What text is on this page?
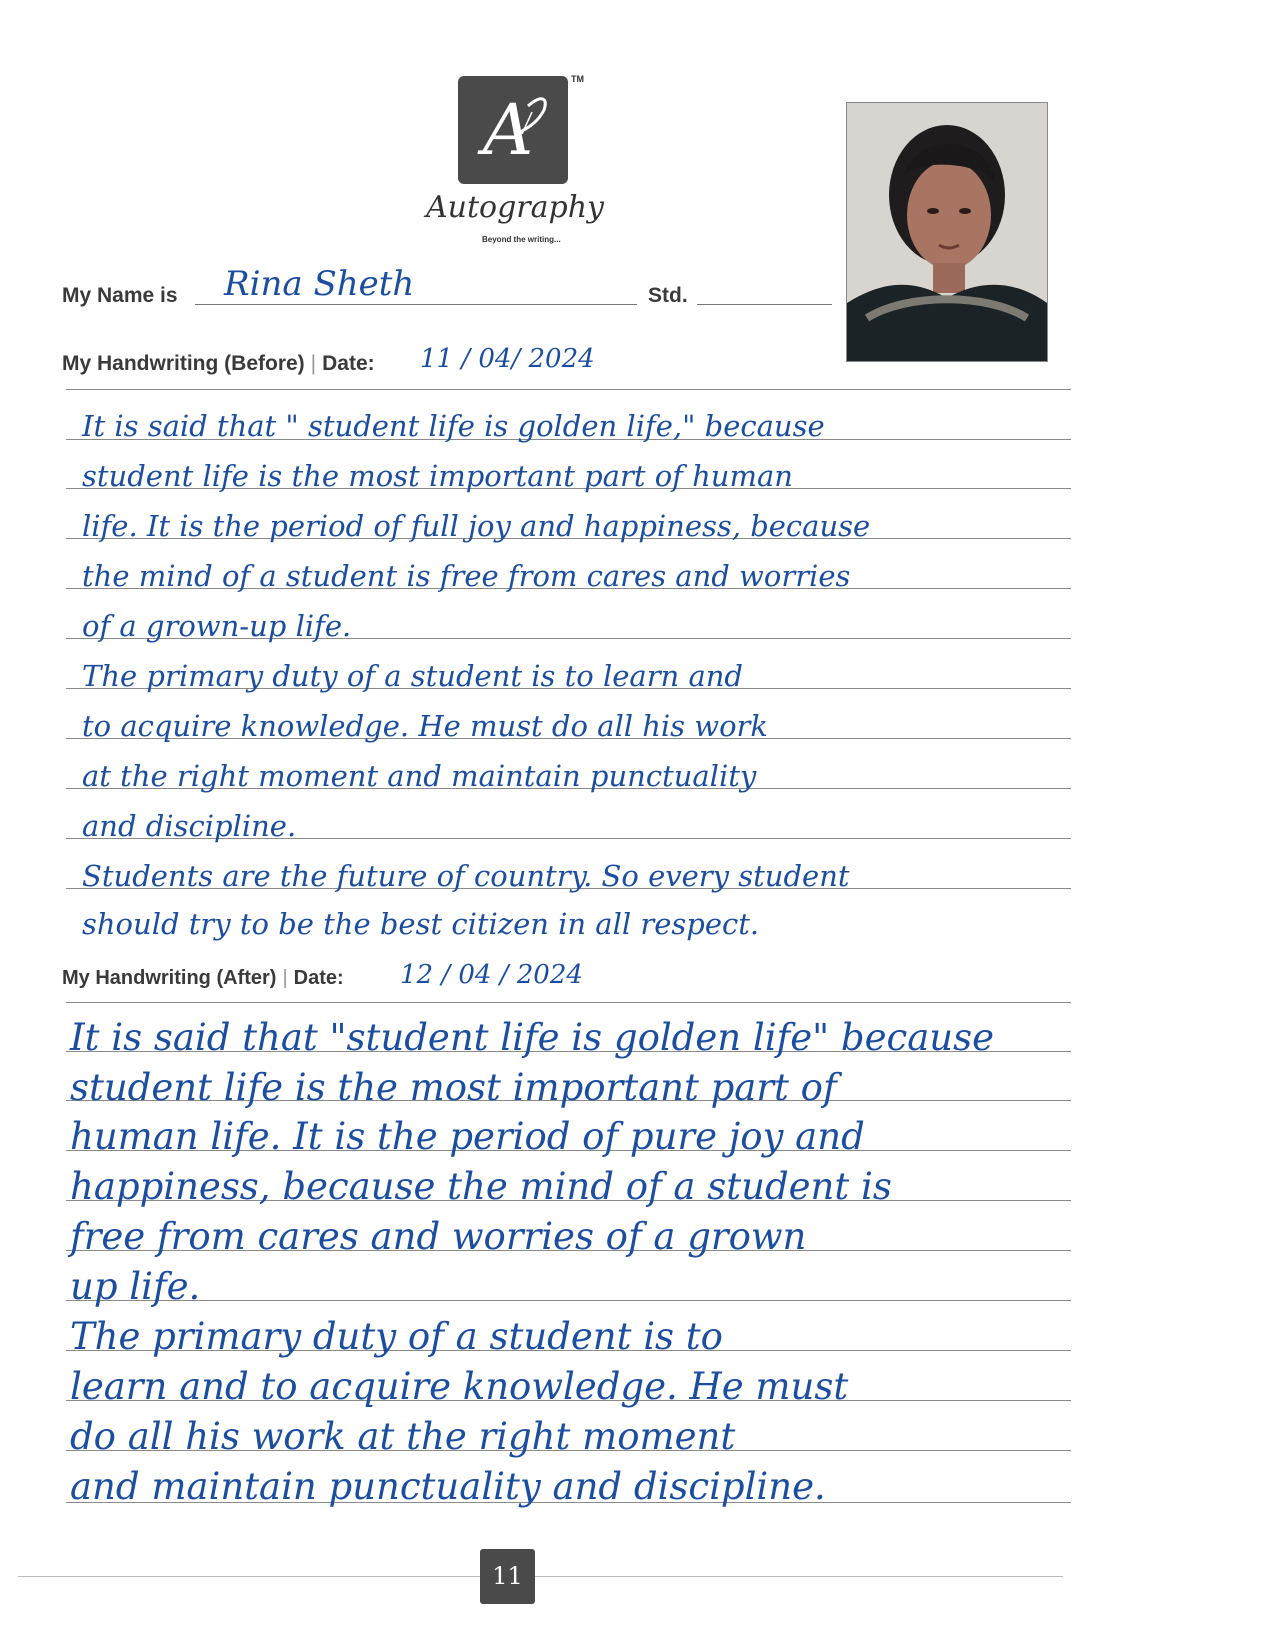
A
TM
Autography
Beyond the writing...
My Name is Rina Sheth	Std.
My Handwriting (Before) | Date: 11 / 04/ 2024
It is said that " student life is golden life," because
student life is the most important part of human
life. It is the period of full joy and happiness, because
the mind of a student is free from cares and worries
of a grown-up life.
The primary duty of a student is to learn and
to acquire knowledge. He must do all his work
at the right moment and maintain punctuality
and discipline.
Students are the future of country. So every student
should try to be the best citizen in all respect.
My Handwriting (After) | Date: 12 / 04 / 2024
It is said that "student life is golden life" because
student life is the most important part of
human life. It is the period of pure joy and
happiness, because the mind of a student is
free from cares and worries of a grown
up life.
The primary duty of a student is to
learn and to acquire knowledge. He must
do all his work at the right moment
and maintain punctuality and discipline.
11
